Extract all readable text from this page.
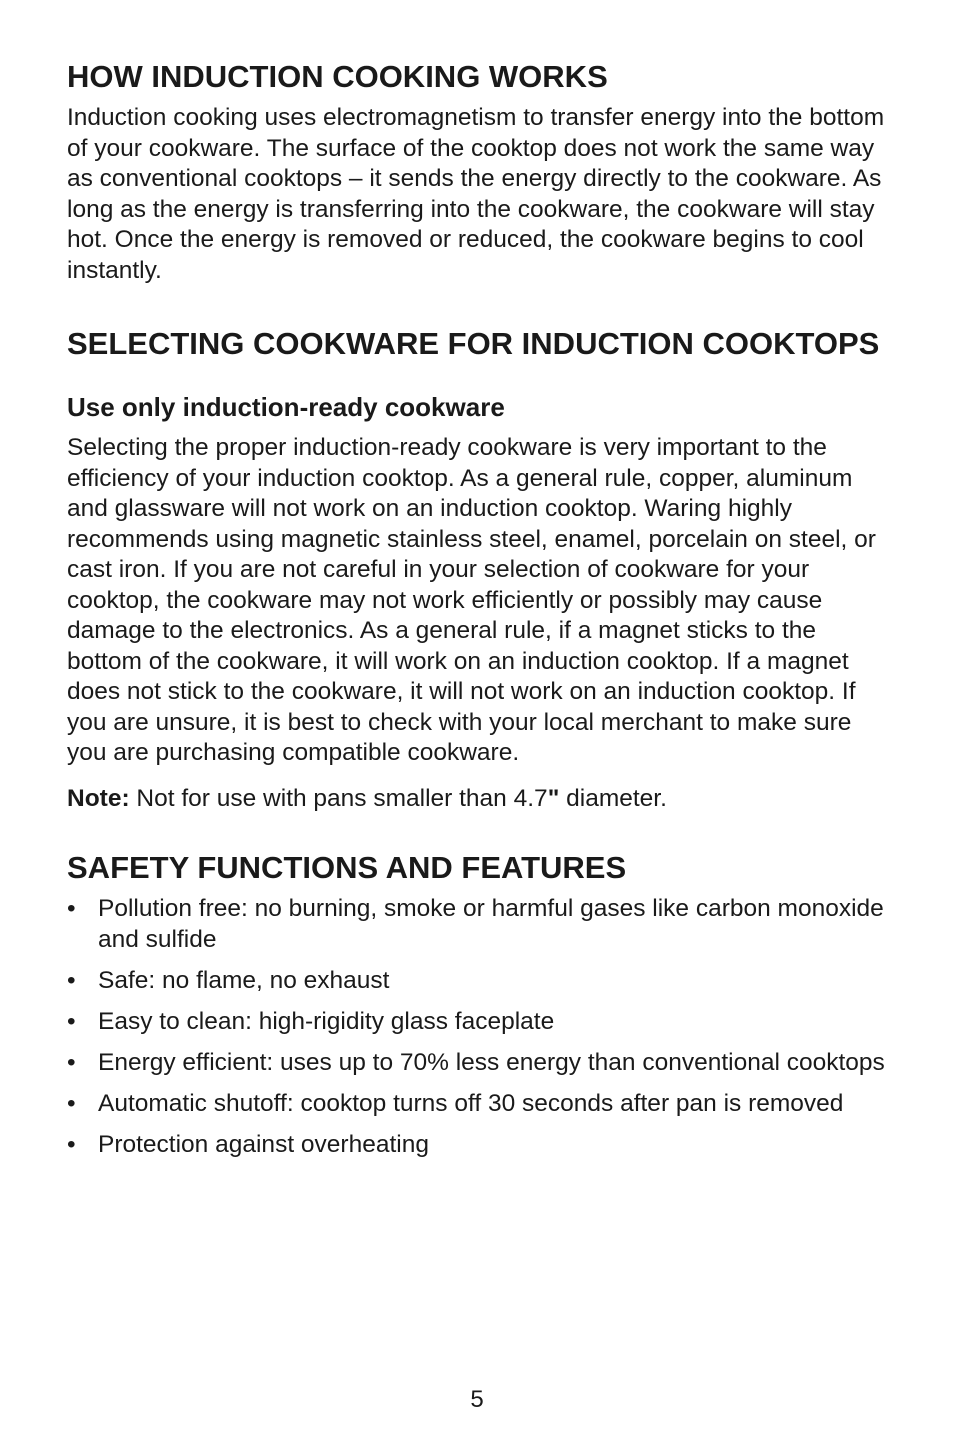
HOW INDUCTION COOKING WORKS

Induction cooking uses electromagnetism to transfer energy into the bottom of your cookware. The surface of the cooktop does not work the same way as conventional cooktops – it sends the energy directly to the cookware. As long as the energy is transferring into the cookware, the cookware will stay hot. Once the energy is removed or reduced, the cookware begins to cool instantly.

SELECTING COOKWARE FOR INDUCTION COOKTOPS
Use only induction-ready cookware

Selecting the proper induction-ready cookware is very important to the efficiency of your induction cooktop. As a general rule, copper, aluminum and glassware will not work on an induction cooktop. Waring highly recommends using magnetic stainless steel, enamel, porcelain on steel, or cast iron. If you are not careful in your selection of cookware for your cooktop, the cookware may not work efficiently or possibly may cause damage to the electronics. As a general rule, if a magnet sticks to the bottom of the cookware, it will work on an induction cooktop. If a magnet does not stick to the cookware, it will not work on an induction cooktop. If you are unsure, it is best to check with your local merchant to make sure you are purchasing compatible cookware.

Note: Not for use with pans smaller than 4.7" diameter.

SAFETY FUNCTIONS AND FEATURES
• Pollution free: no burning, smoke or harmful gases like carbon monoxide and sulfide
• Safe: no flame, no exhaust
• Easy to clean: high-rigidity glass faceplate
• Energy efficient: uses up to 70% less energy than conventional cooktops
• Automatic shutoff: cooktop turns off 30 seconds after pan is removed
• Protection against overheating
5
